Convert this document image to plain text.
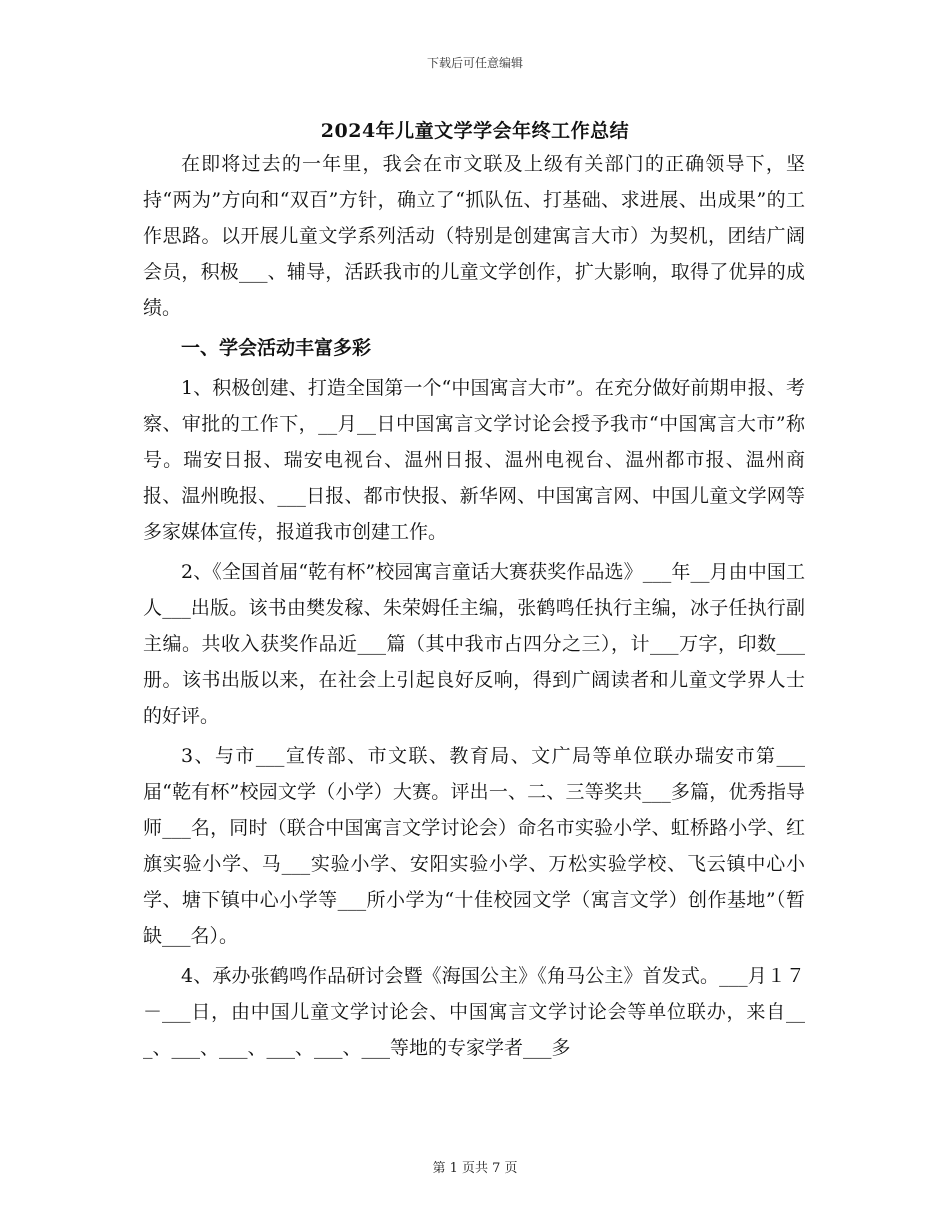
下载后可任意编辑
2024年儿童文学学会年终工作总结

在即将过去的一年里，我会在市文联及上级有关部门的正确领导下，坚持“两为”方向和“双百”方针，确立了“抓队伍、打基础、求进展、出成果”的工作思路。以开展儿童文学系列活动（特别是创建寓言大市）为契机，团结广阔会员，积极___、辅导，活跃我市的儿童文学创作，扩大影响，取得了优异的成绩。

一、学会活动丰富多彩

1、积极创建、打造全国第一个“中国寓言大市”。在充分做好前期申报、考察、审批的工作下，__月__日中国寓言文学讨论会授予我市“中国寓言大市”称号。瑞安日报、瑞安电视台、温州日报、温州电视台、温州都市报、温州商报、温州晚报、___日报、都市快报、新华网、中国寓言网、中国儿童文学网等多家媒体宣传，报道我市创建工作。

2、《全国首届“乾有杯”校园寓言童话大赛获奖作品选》___年__月由中国工人___出版。该书由樊发稼、朱荣姆任主编，张鹤鸣任执行主编，冰子任执行副主编。共收入获奖作品近___篇（其中我市占四分之三），计___万字，印数___册。该书出版以来，在社会上引起良好反响，得到广阔读者和儿童文学界人士的好评。

3、与市___宣传部、市文联、教育局、文广局等单位联办瑞安市第___届“乾有杯”校园文学（小学）大赛。评出一、二、三等奖共___多篇，优秀指导师___名，同时（联合中国寓言文学讨论会）命名市实验小学、虹桥路小学、红旗实验小学、马___实验小学、安阳实验小学、万松实验学校、飞云镇中心小学、塘下镇中心小学等___所小学为“十佳校园文学（寓言文学）创作基地”（暂缺___名）。

4、承办张鹤鸣作品研讨会暨《海国公主》《角马公主》首发式。___月１７－___日，由中国儿童文学讨论会、中国寓言文学讨论会等单位联办，来自___、___、___、___、___、___等地的专家学者___多

第 1 页共 7 页
